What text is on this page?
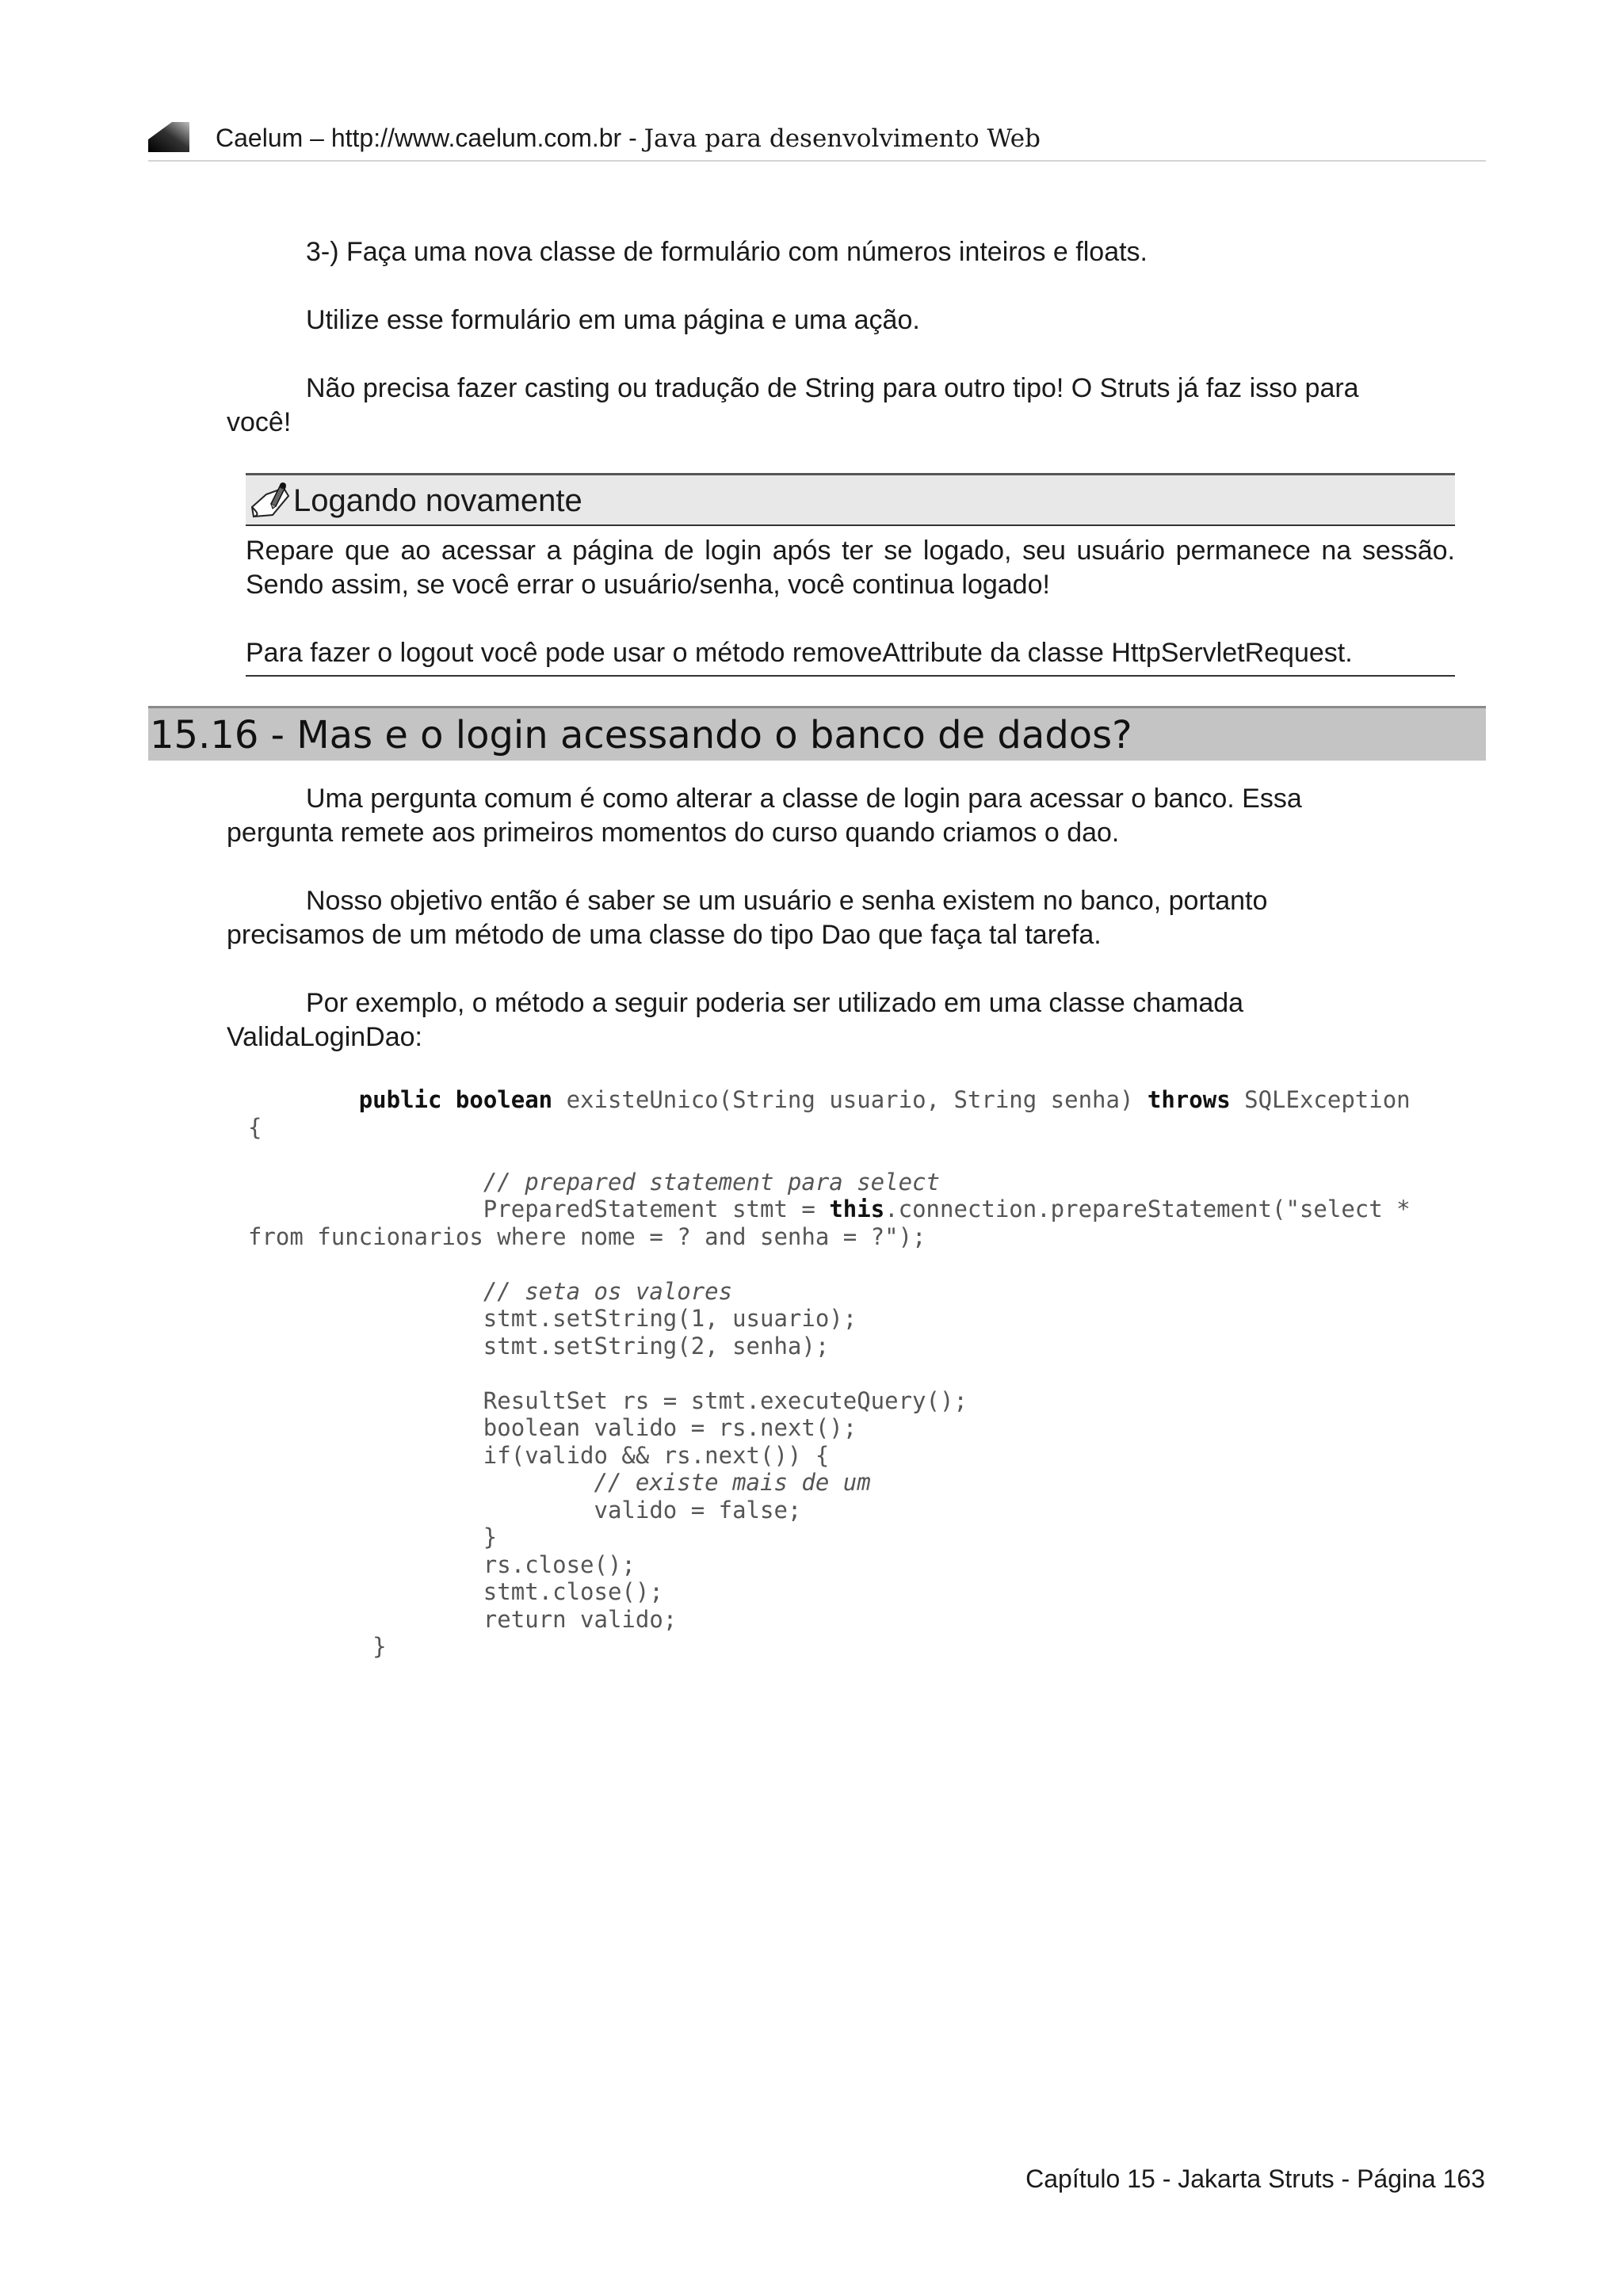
Caelum – http://www.caelum.com.br - Java para desenvolvimento Web

3-) Faça uma nova classe de formulário com números inteiros e floats.

Utilize esse formulário em uma página e uma ação.

Não precisa fazer casting ou tradução de String para outro tipo! O Struts já faz isso para
você!

Logando novamente

Repare que ao acessar a página de login após ter se logado, seu usuário permanece na sessão. Sendo assim, se você errar o usuário/senha, você continua logado!

Para fazer o logout você pode usar o método removeAttribute da classe HttpServletRequest.

15.16 - Mas e o login acessando o banco de dados?

Uma pergunta comum é como alterar a classe de login para acessar o banco. Essa
pergunta remete aos primeiros momentos do curso quando criamos o dao.

Nosso objetivo então é saber se um usuário e senha existem no banco, portanto
precisamos de um método de uma classe do tipo Dao que faça tal tarefa.

Por exemplo, o método a seguir poderia ser utilizado em uma classe chamada
ValidaLoginDao:

public boolean existeUnico(String usuario, String senha) throws SQLException
{

// prepared statement para select
PreparedStatement stmt = this.connection.prepareStatement("select *
from funcionarios where nome = ? and senha = ?");

// seta os valores
stmt.setString(1, usuario);
stmt.setString(2, senha);

ResultSet rs = stmt.executeQuery();
boolean valido = rs.next();
if(valido && rs.next()) {
// existe mais de um
valido = false;
}
rs.close();
stmt.close();
return valido;
}
Capítulo 15 - Jakarta Struts - Página 163
